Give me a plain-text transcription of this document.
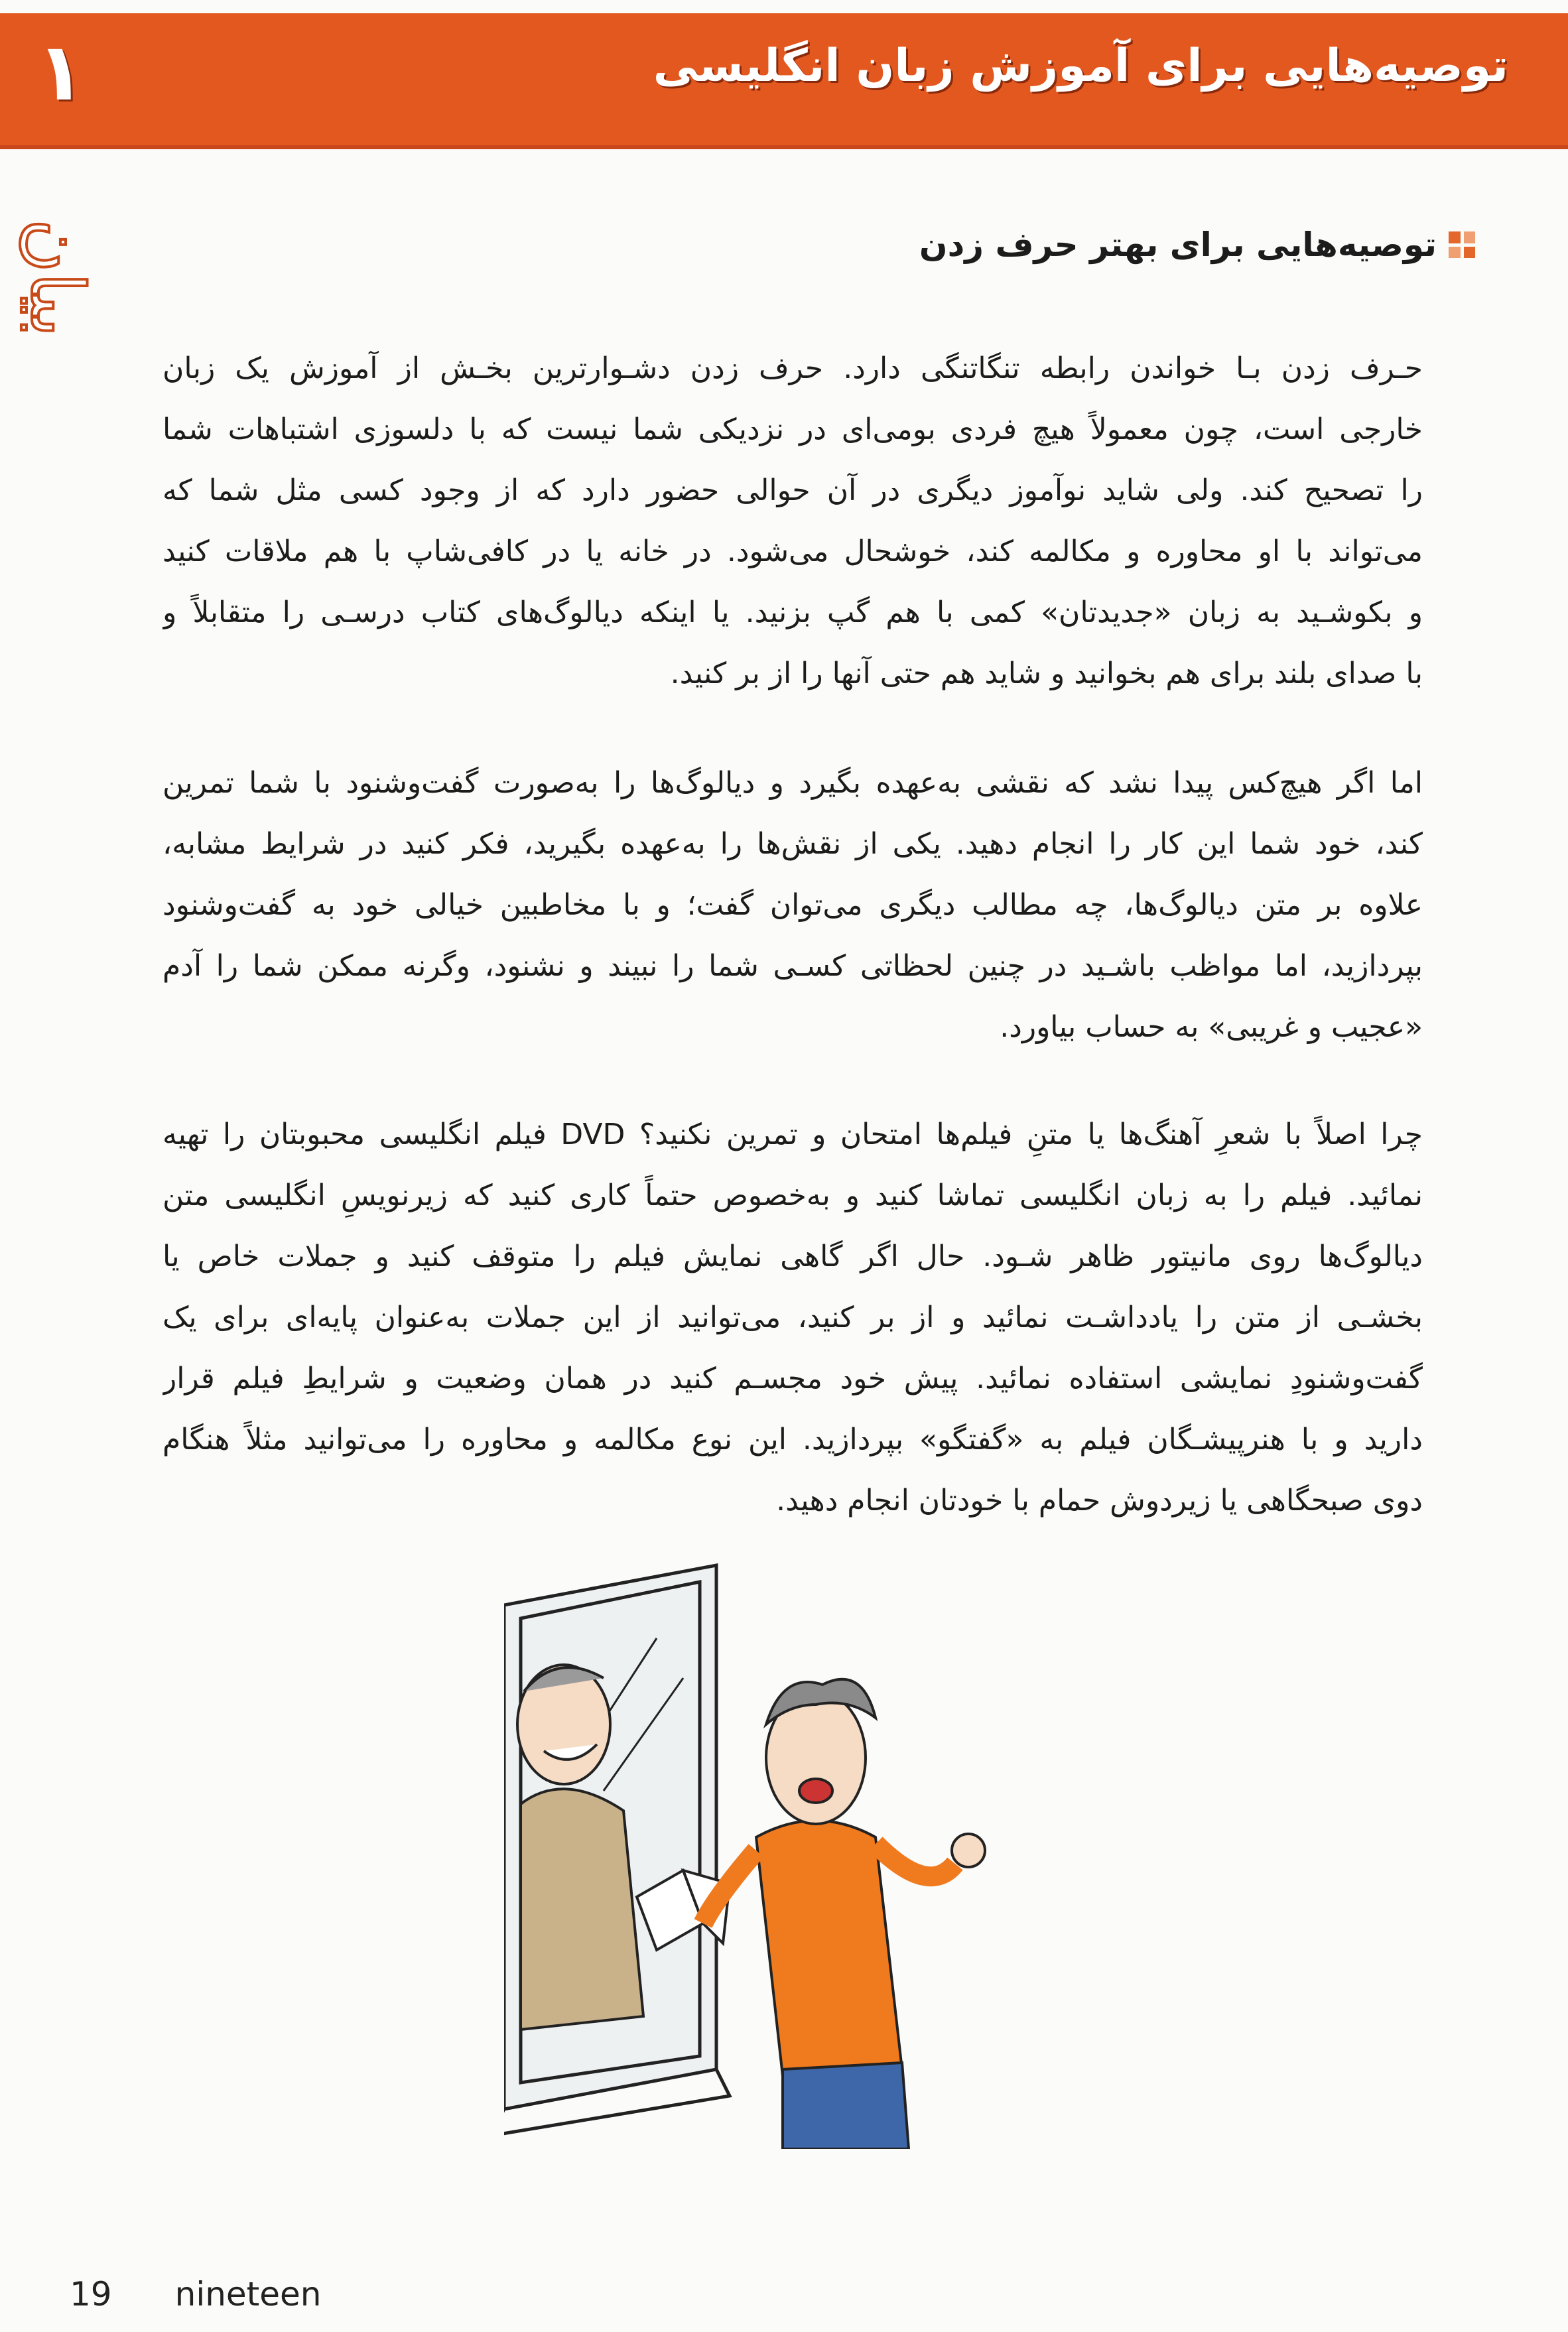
توصیه‌هایی برای آموزش زبان انگلیسی
۱
بیان	توصیه‌هایی برای بهتر حرف زدن
حـرف زدن بـا خواندن رابطه تنگاتنگی دارد. حرف زدن دشـوارترین بخـش از آموزش یک زبان
خارجی است، چون معمولاً هیچ فردی بومی‌ای در نزدیکی شما نیست که با دلسوزی اشتباهات شما
را تصحیح کند. ولی شاید نوآموز دیگری در آن حوالی حضور دارد که از وجود کسی مثل شما که
می‌تواند با او محاوره و مکالمه کند، خوشحال می‌شود. در خانه یا در کافی‌شاپ با هم ملاقات کنید
و بکوشـید به زبان «جدیدتان» کمی با هم گپ بزنید. یا اینکه دیالوگ‌های کتاب درسـی را متقابلاً و
با صدای بلند برای هم بخوانید و شاید هم حتی آنها را از بر کنید.
اما اگر هیچ‌کس پیدا نشد که نقشی به‌عهده بگیرد و دیالوگ‌ها را به‌صورت گفت‌وشنود با شما تمرین
کند، خود شما این کار را انجام دهید. یکی از نقش‌ها را به‌عهده بگیرید، فکر کنید در شرایط مشابه،
علاوه بر متن دیالوگ‌ها، چه مطالب دیگری می‌توان گفت؛ و با مخاطبین خیالی خود به گفت‌وشنود
بپردازید، اما مواظب باشـید در چنین لحظاتی کسـی شما را نبیند و نشنود، وگرنه ممکن شما را آدم
«عجیب و غریبی» به حساب بیاورد.
چرا اصلاً با شعرِ آهنگ‌ها یا متنِ فیلم‌ها امتحان و تمرین نکنید؟ DVD فیلم انگلیسی محبوبتان را تهیه
نمائید. فیلم را به زبان انگلیسی تماشا کنید و به‌خصوص حتماً کاری کنید که زیرنویسِ انگلیسی متن
دیالوگ‌ها روی مانیتور ظاهر شـود. حال اگر گاهی نمایش فیلم را متوقف کنید و جملات خاص یا
بخشـی از متن را یادداشـت نمائید و از بر کنید، می‌توانید از این جملات به‌عنوان پایه‌ای برای یک
گفت‌وشنودِ نمایشی استفاده نمائید. پیش خود مجسـم کنید در همان وضعیت و شرایطِ فیلم قرار
دارید و با هنرپیشـگان فیلم به «گفتگو» بپردازید. این نوع مکالمه و محاوره را می‌توانید مثلاً هنگام
دوی صبحگاهی یا زیردوش حمام با خودتان انجام دهید.
19 nineteen
